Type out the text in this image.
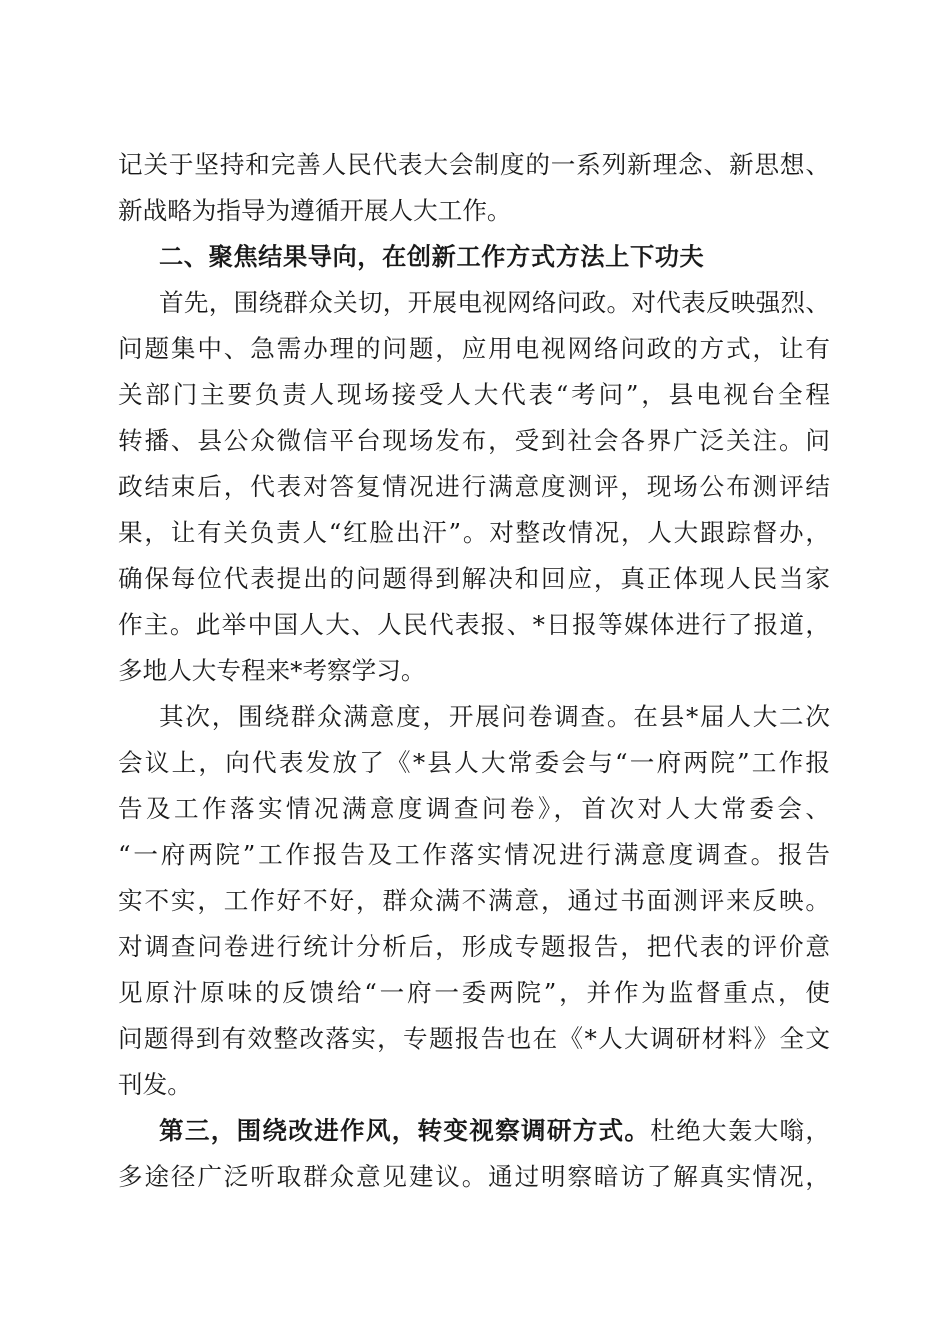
记关于坚持和完善人民代表大会制度的一系列新理念、新思想、
新战略为指导为遵循开展人大工作。

二、聚焦结果导向，在创新工作方式方法上下功夫

首先，围绕群众关切，开展电视网络问政。对代表反映强烈、
问题集中、急需办理的问题，应用电视网络问政的方式，让有
关部门主要负责人现场接受人大代表“考问”，县电视台全程
转播、县公众微信平台现场发布，受到社会各界广泛关注。问
政结束后，代表对答复情况进行满意度测评，现场公布测评结
果，让有关负责人“红脸出汗”。对整改情况，人大跟踪督办，
确保每位代表提出的问题得到解决和回应，真正体现人民当家
作主。此举中国人大、人民代表报、*日报等媒体进行了报道，
多地人大专程来*考察学习。

其次，围绕群众满意度，开展问卷调查。在县*届人大二次
会议上，向代表发放了《*县人大常委会与“一府两院”工作报
告及工作落实情况满意度调查问卷》，首次对人大常委会、
“一府两院”工作报告及工作落实情况进行满意度调查。报告
实不实，工作好不好，群众满不满意，通过书面测评来反映。
对调查问卷进行统计分析后，形成专题报告，把代表的评价意
见原汁原味的反馈给“一府一委两院”，并作为监督重点，使
问题得到有效整改落实，专题报告也在《*人大调研材料》全文
刊发。

第三，围绕改进作风，转变视察调研方式。杜绝大轰大嗡，
多途径广泛听取群众意见建议。通过明察暗访了解真实情况，
